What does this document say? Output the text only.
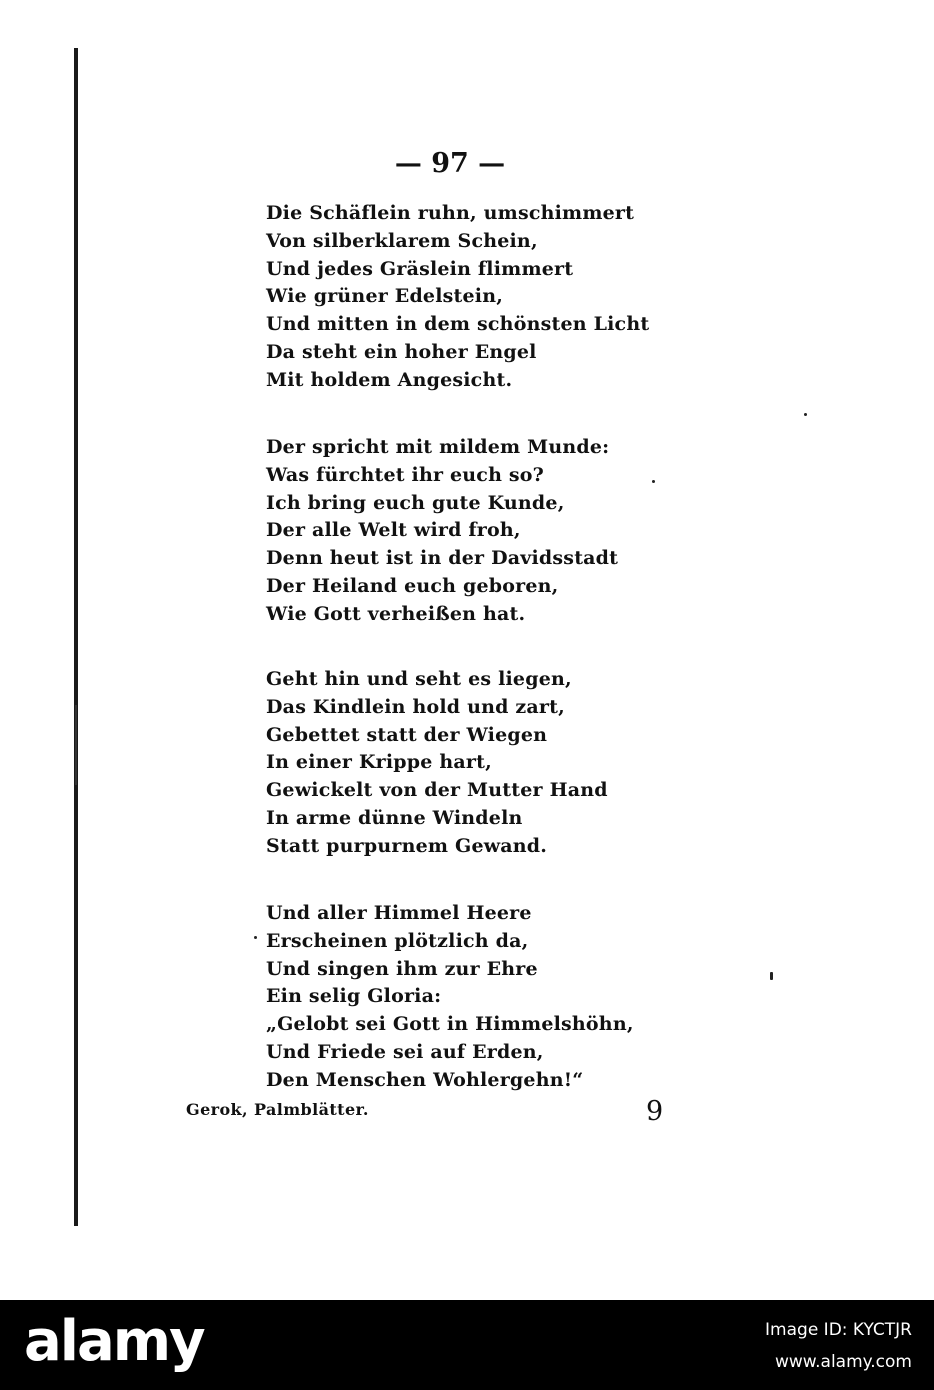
— 97 —
Die Schäflein ruhn, umschimmert
Von silberklarem Schein,
Und jedes Gräslein flimmert
Wie grüner Edelstein,
Und mitten in dem schönsten Licht
Da steht ein hoher Engel
Mit holdem Angesicht.
Der spricht mit mildem Munde:
Was fürchtet ihr euch so?
Ich bring euch gute Kunde,
Der alle Welt wird froh,
Denn heut ist in der Davidsstadt
Der Heiland euch geboren,
Wie Gott verheißen hat.
Geht hin und seht es liegen,
Das Kindlein hold und zart,
Gebettet statt der Wiegen
In einer Krippe hart,
Gewickelt von der Mutter Hand
In arme dünne Windeln
Statt purpurnem Gewand.
Und aller Himmel Heere
Erscheinen plötzlich da,
Und singen ihm zur Ehre
Ein selig Gloria:
„Gelobt sei Gott in Himmelshöhn,
Und Friede sei auf Erden,
Den Menschen Wohlergehn!“
Gerok, Palmblätter.	9
alamy	Image ID: KYCTJR
www.alamy.com
